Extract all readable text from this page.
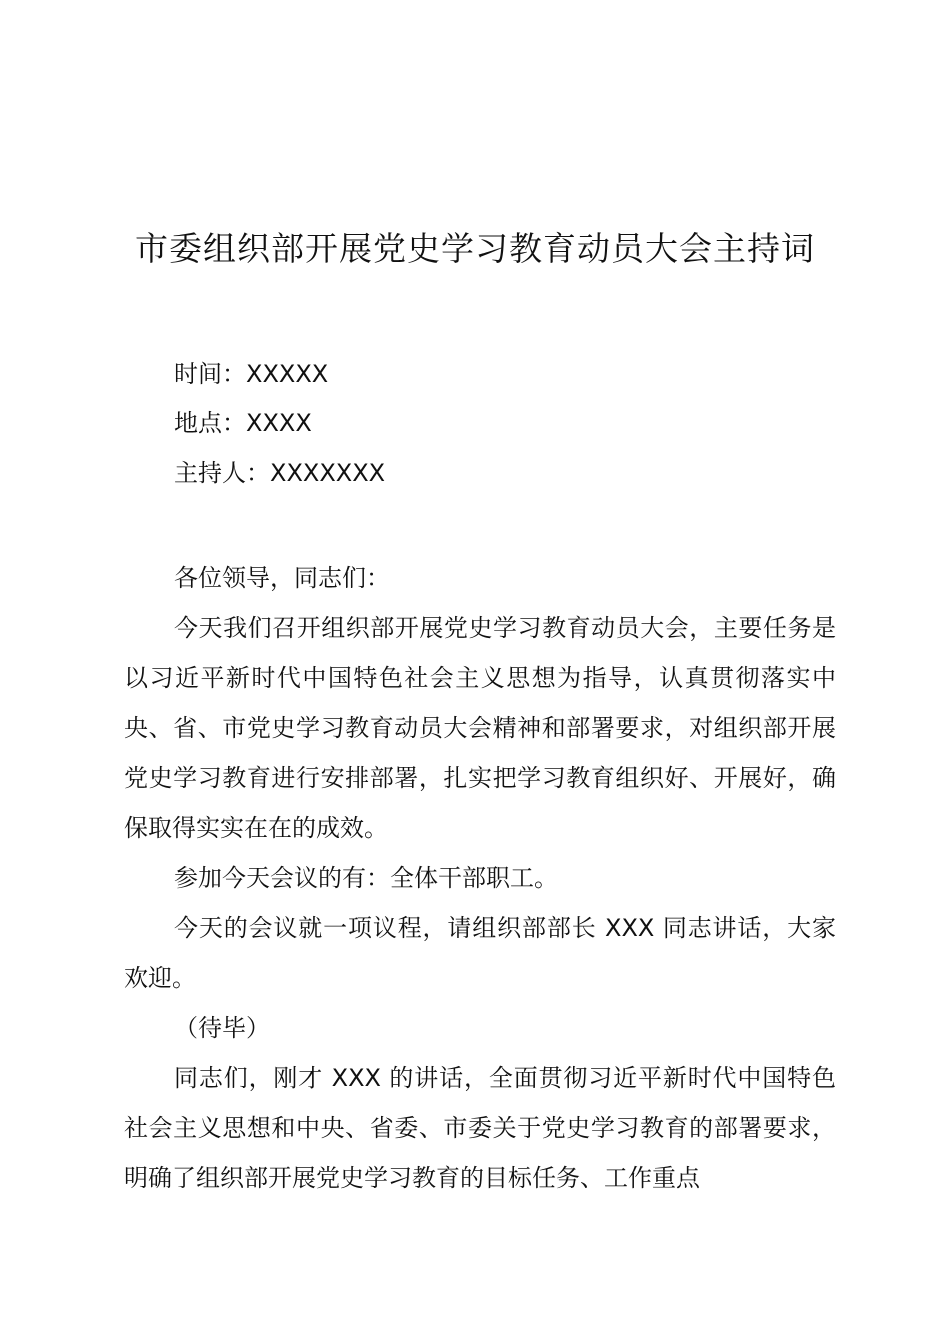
市委组织部开展党史学习教育动员大会主持词

时间：XXXXX

地点：XXXX

主持人：XXXXXXX

各位领导，同志们：

今天我们召开组织部开展党史学习教育动员大会，主要任务是以习近平新时代中国特色社会主义思想为指导，认真贯彻落实中央、省、市党史学习教育动员大会精神和部署要求，对组织部开展党史学习教育进行安排部署，扎实把学习教育组织好、开展好，确保取得实实在在的成效。

参加今天会议的有：全体干部职工。

今天的会议就一项议程，请组织部部长 XXX 同志讲话，大家欢迎。

（待毕）

同志们，刚才 XXX 的讲话，全面贯彻习近平新时代中国特色社会主义思想和中央、省委、市委关于党史学习教育的部署要求，明确了组织部开展党史学习教育的目标任务、工作重点
